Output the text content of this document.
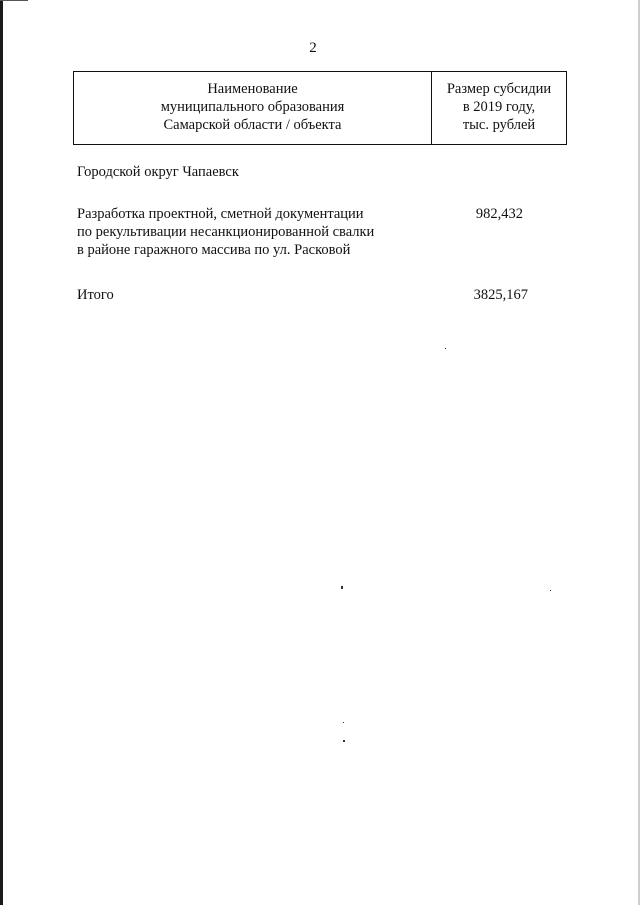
2
Наименование
муниципального образования
Самарской области / объекта
Размер субсидии
в 2019 году,
тыс. рублей
Городской округ Чапаевск
Разработка проектной, сметной документации
по рекультивации несанкционированной свалки
в районе гаражного массива по ул. Расковой
982,432
Итого	3825,167
